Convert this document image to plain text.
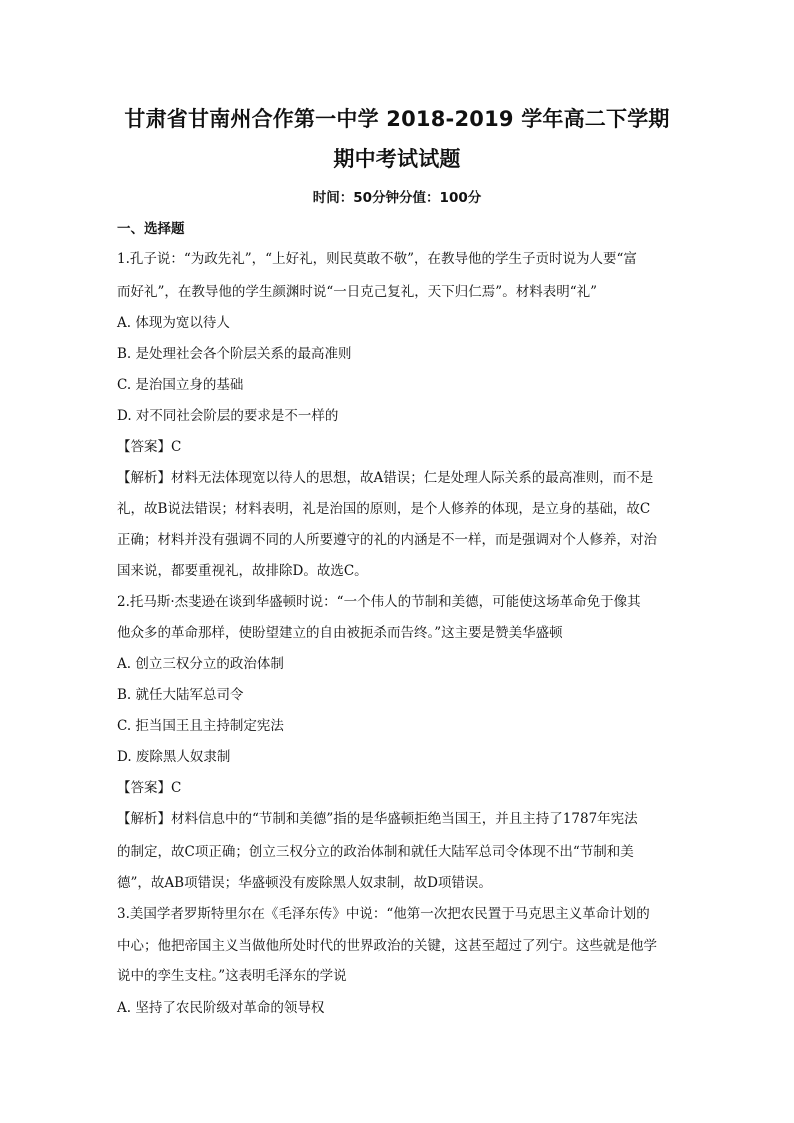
甘肃省甘南州合作第一中学 2018-2019 学年高二下学期
期中考试试题
时间：50分钟分值：100分
一、选择题
1.孔子说：“为政先礼”，“上好礼，则民莫敢不敬”，在教导他的学生子贡时说为人要“富
而好礼”，在教导他的学生颜渊时说“一日克己复礼，天下归仁焉”。材料表明“礼”
A. 体现为宽以待人
B. 是处理社会各个阶层关系的最高准则
C. 是治国立身的基础
D. 对不同社会阶层的要求是不一样的
【答案】C
【解析】材料无法体现宽以待人的思想，故A错误；仁是处理人际关系的最高准则，而不是
礼，故B说法错误；材料表明，礼是治国的原则，是个人修养的体现，是立身的基础，故C
正确；材料并没有强调不同的人所要遵守的礼的内涵是不一样，而是强调对个人修养，对治
国来说，都要重视礼，故排除D。故选C。
2.托马斯·杰斐逊在谈到华盛顿时说：“一个伟人的节制和美德，可能使这场革命免于像其
他众多的革命那样，使盼望建立的自由被扼杀而告终。”这主要是赞美华盛顿
A. 创立三权分立的政治体制
B. 就任大陆军总司令
C. 拒当国王且主持制定宪法
D. 废除黑人奴隶制
【答案】C
【解析】材料信息中的“节制和美德”指的是华盛顿拒绝当国王，并且主持了1787年宪法
的制定，故C项正确；创立三权分立的政治体制和就任大陆军总司令体现不出“节制和美
德”，故AB项错误；华盛顿没有废除黑人奴隶制，故D项错误。
3.美国学者罗斯特里尔在《毛泽东传》中说：“他第一次把农民置于马克思主义革命计划的
中心；他把帝国主义当做他所处时代的世界政治的关键，这甚至超过了列宁。这些就是他学
说中的孪生支柱。”这表明毛泽东的学说
A. 坚持了农民阶级对革命的领导权
